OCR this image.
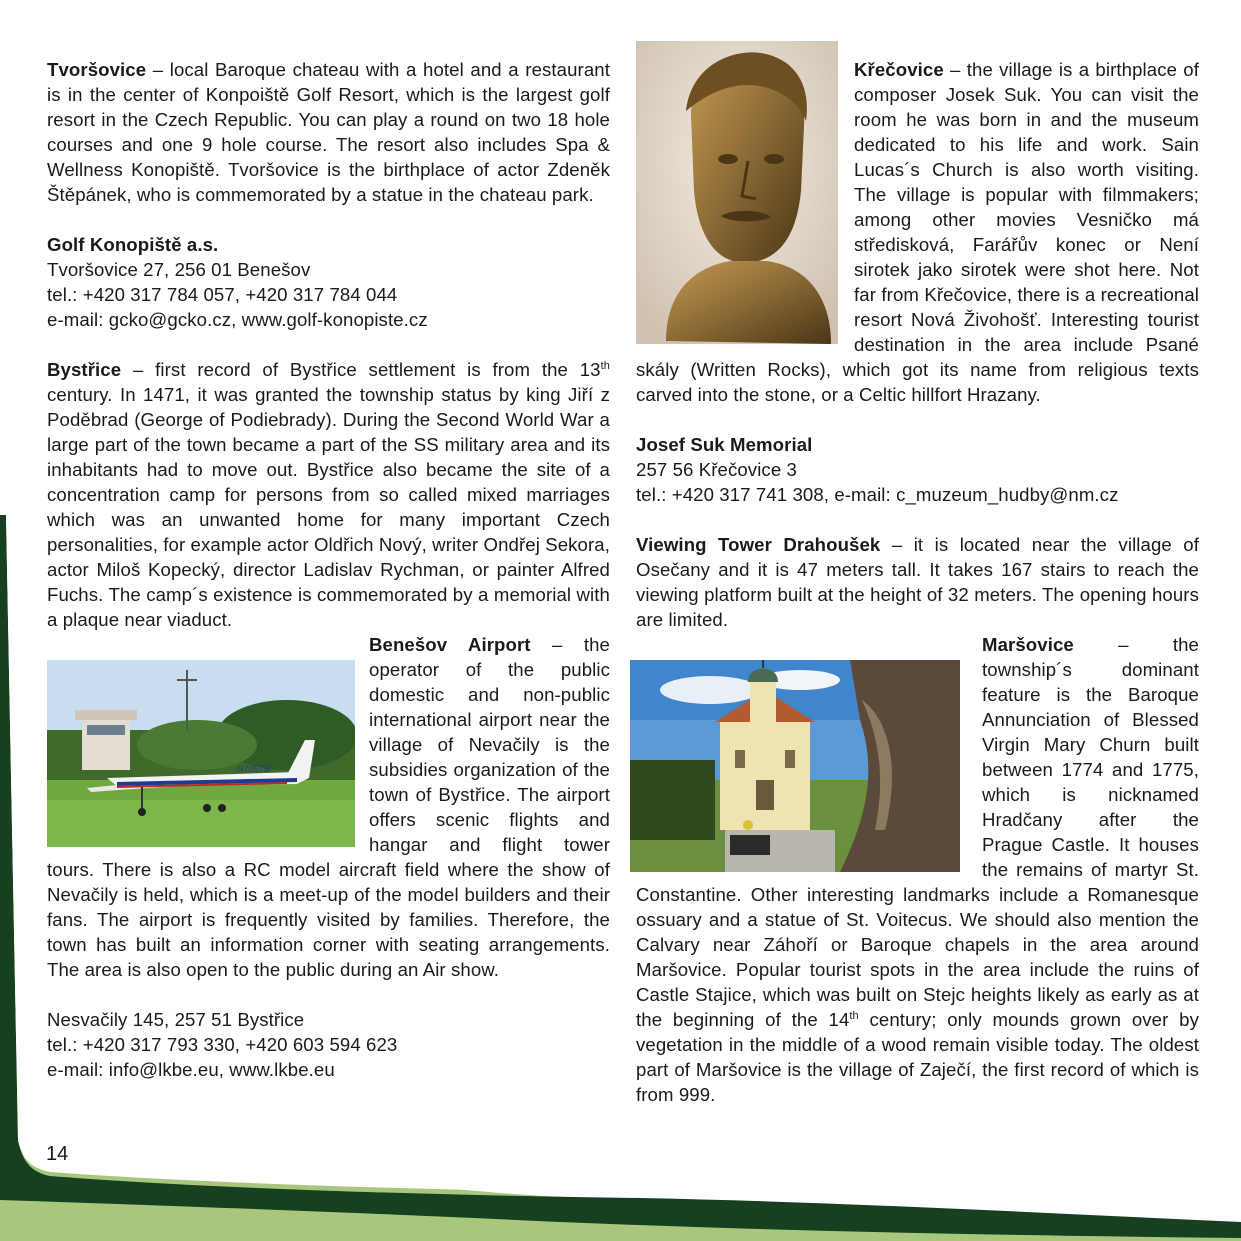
Tvoršovice – local Baroque chateau with a hotel and a restaurant is in the center of Konpoiště Golf Resort, which is the largest golf resort in the Czech Republic. You can play a round on two 18 hole courses and one 9 hole course. The resort also includes Spa & Wellness Konopiště. Tvoršovice is the birthplace of actor Zdeněk Štěpánek, who is commemorated by a statue in the chateau park.

Golf Konopiště a.s.
Tvoršovice 27, 256 01 Benešov
tel.: +420 317 784 057, +420 317 784 044
e-mail: gcko@gcko.cz, www.golf-konopiste.cz

Bystřice – first record of Bystřice settlement is from the 13th century. In 1471, it was granted the township status by king Jiří z Poděbrad (George of Podiebrady). During the Second World War a large part of the town became a part of the SS military area and its inhabitants had to move out. Bystřice also became the site of a concentration camp for persons from so called mixed marriages which was an unwanted home for many important Czech personalities, for example actor Oldřich Nový, writer Ondřej Sekora, actor Miloš Kopecký, director Ladislav Rychman, or painter Alfred Fuchs. The camp´s existence is commemorated by a memorial with a plaque near viaduct.

N7057B

Benešov Airport – the operator of the public domestic and non-public international airport near the village of Nevačily is the subsidies organization of the town of Bystřice. The airport offers scenic flights and hangar and flight tower tours. There is also a RC model aircraft field where the show of Nevačily is held, which is a meet-up of the model builders and their fans. The airport is frequently visited by families. Therefore, the town has built an information corner with seating arrangements. The area is also open to the public during an Air show.

Nesvačily 145, 257 51 Bystřice
tel.: +420 317 793 330, +420 603 594 623
e-mail: info@lkbe.eu, www.lkbe.eu

Křečovice – the village is a birthplace of composer Josek Suk. You can visit the room he was born in and the museum dedicated to his life and work. Sain Lucas´s Church is also worth visiting. The village is popular with filmmakers; among other movies Vesničko má středisková, Farářův konec or Není sirotek jako sirotek were shot here. Not far from Křečovice, there is a recreational resort Nová Živohošť. Interesting tourist destination in the area include Psané skály (Written Rocks), which got its name from religious texts carved into the stone, or a Celtic hillfort Hrazany.

Josef Suk Memorial
257 56 Křečovice 3
tel.: +420 317 741 308, e-mail: c_muzeum_hudby@nm.cz

Viewing Tower Drahoušek – it is located near the village of Osečany and it is 47 meters tall. It takes 167 stairs to reach the viewing platform built at the height of 32 meters. The opening hours are limited.

Maršovice – the township´s dominant feature is the Baroque Annunciation of Blessed Virgin Mary Churn built between 1774 and 1775, which is nicknamed Hradčany after the Prague Castle. It houses the remains of martyr St. Constantine. Other interesting landmarks include a Romanesque ossuary and a statue of St. Voitecus. We should also mention the Calvary near Záhoří or Baroque chapels in the area around Maršovice. Popular tourist spots in the area include the ruins of Castle Stajice, which was built on Stejc heights likely as early as at the beginning of the 14th century; only mounds grown over by vegetation in the middle of a wood remain visible today. The oldest part of Maršovice is the village of Zaječí, the first record of which is from 999.

14
